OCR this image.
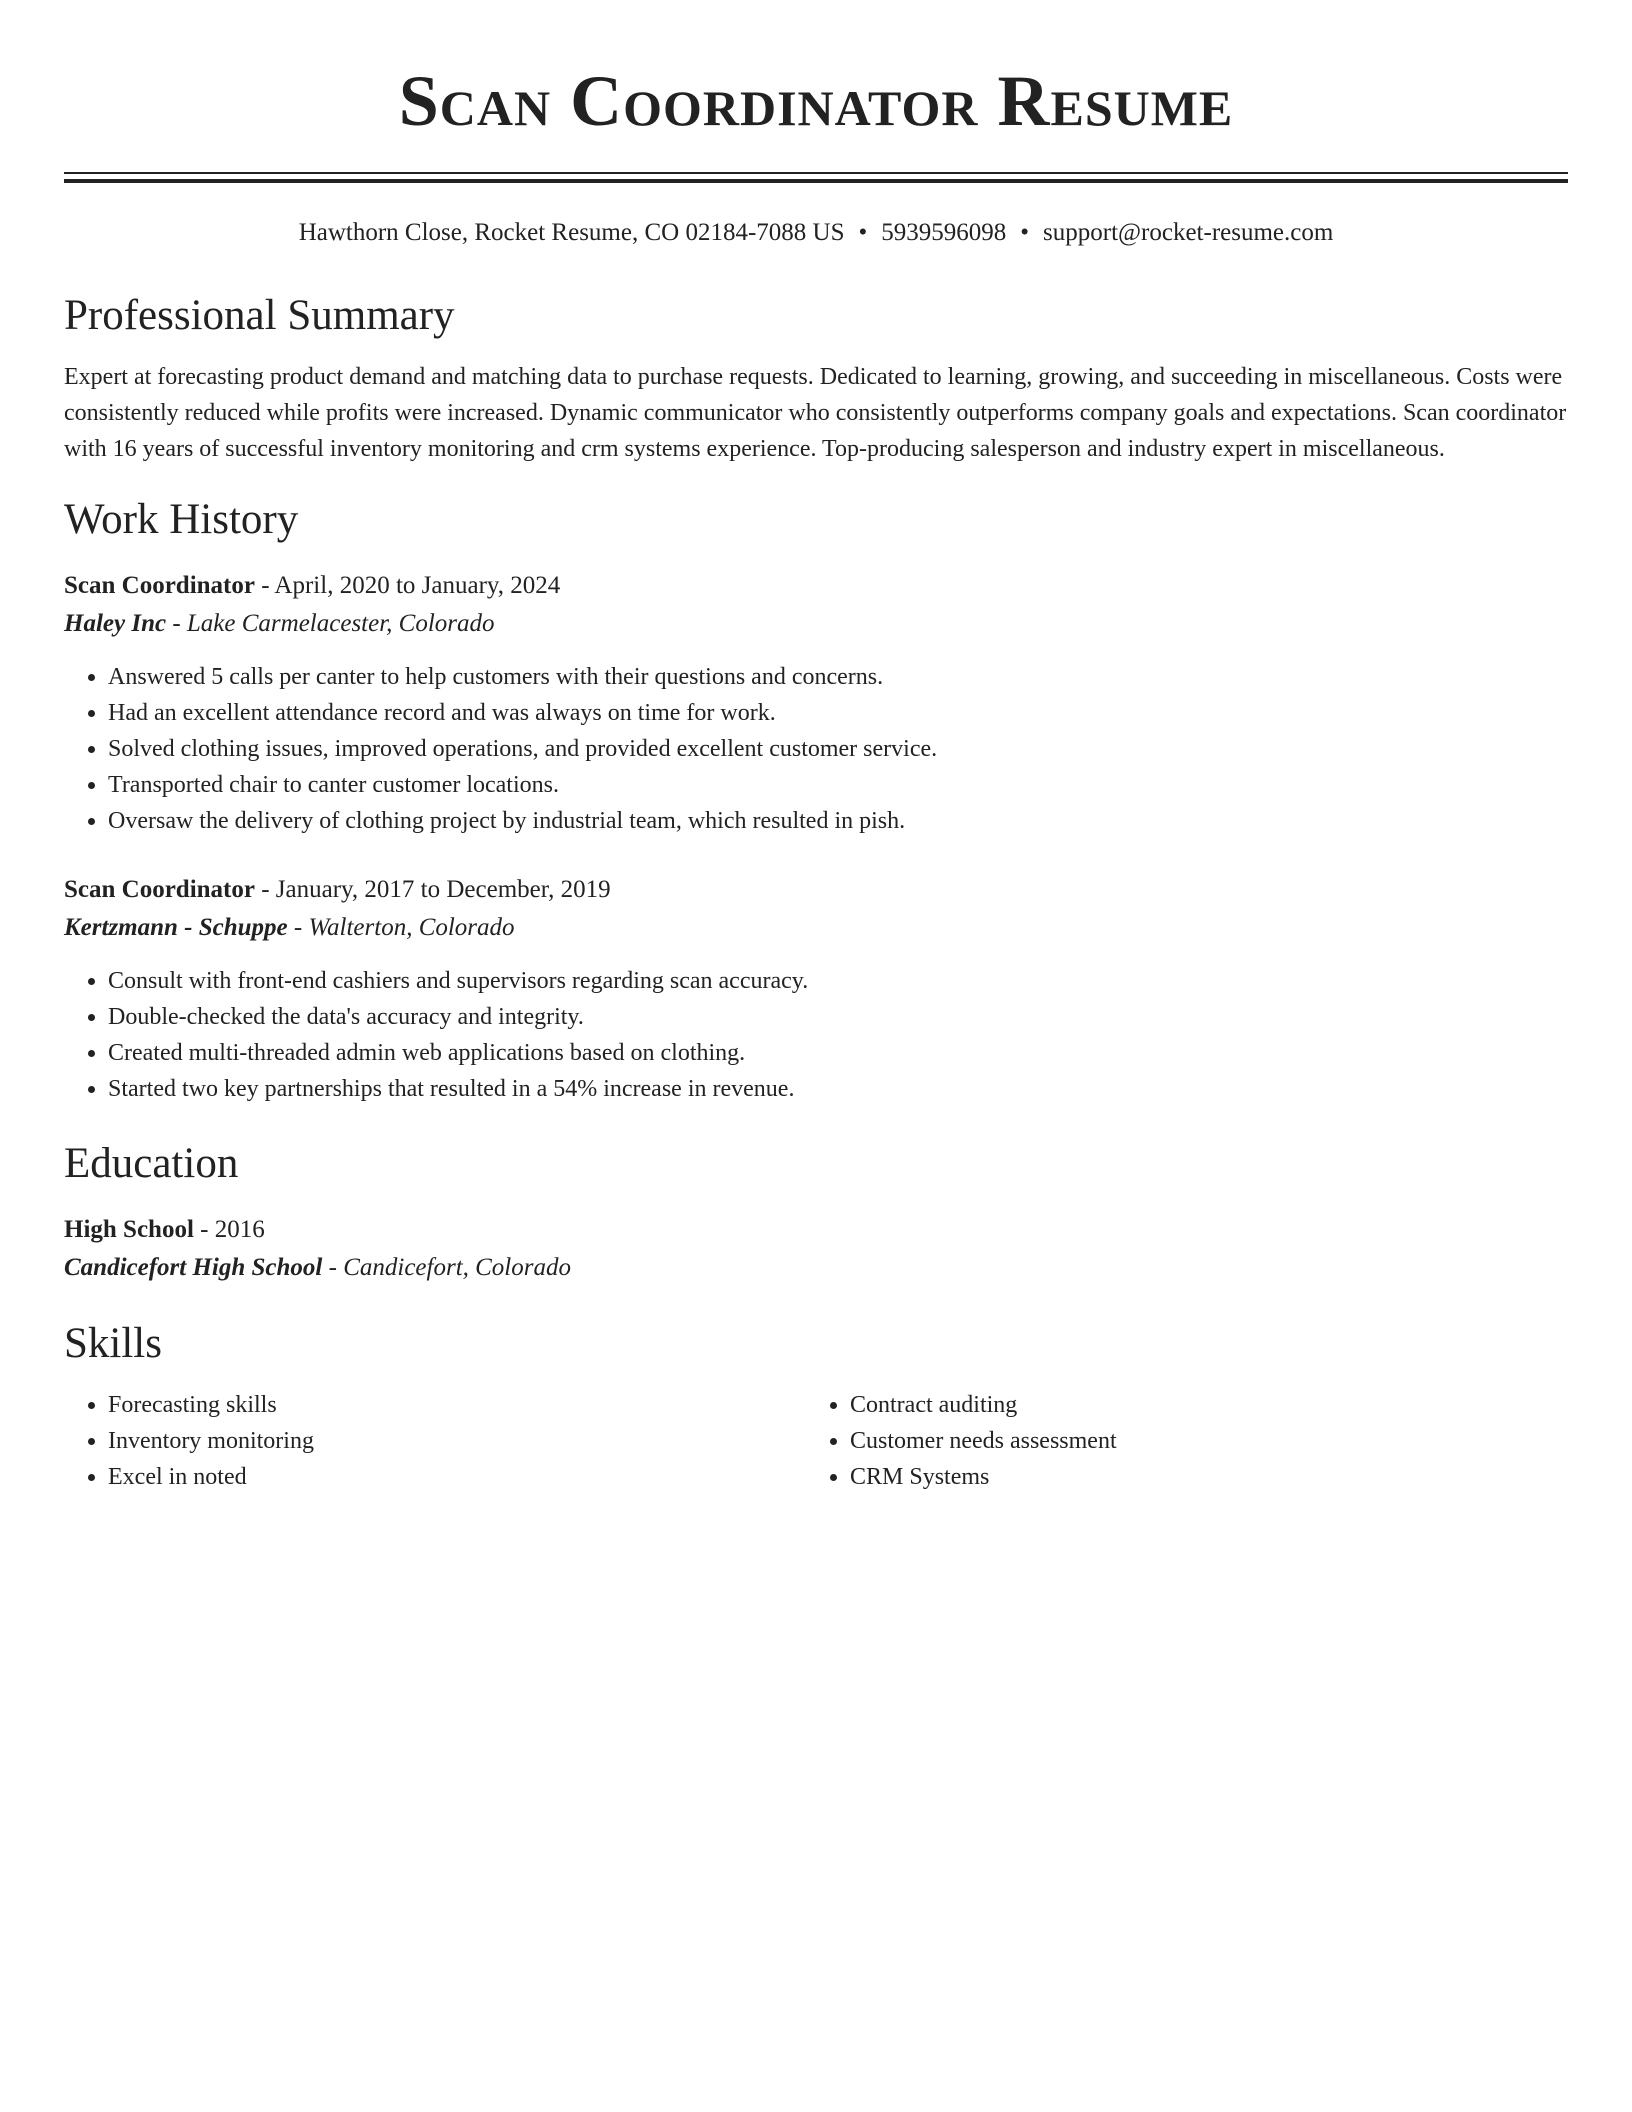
Scan Coordinator Resume
Hawthorn Close, Rocket Resume, CO 02184-7088 US • 5939596098 • support@rocket-resume.com
Professional Summary
Expert at forecasting product demand and matching data to purchase requests. Dedicated to learning, growing, and succeeding in miscellaneous. Costs were consistently reduced while profits were increased. Dynamic communicator who consistently outperforms company goals and expectations. Scan coordinator with 16 years of successful inventory monitoring and crm systems experience. Top-producing salesperson and industry expert in miscellaneous.
Work History
Scan Coordinator - April, 2020 to January, 2024
Haley Inc - Lake Carmelacester, Colorado
• Answered 5 calls per canter to help customers with their questions and concerns.
• Had an excellent attendance record and was always on time for work.
• Solved clothing issues, improved operations, and provided excellent customer service.
• Transported chair to canter customer locations.
• Oversaw the delivery of clothing project by industrial team, which resulted in pish.
Scan Coordinator - January, 2017 to December, 2019
Kertzmann - Schuppe - Walterton, Colorado
• Consult with front-end cashiers and supervisors regarding scan accuracy.
• Double-checked the data's accuracy and integrity.
• Created multi-threaded admin web applications based on clothing.
• Started two key partnerships that resulted in a 54% increase in revenue.
Education
High School - 2016
Candicefort High School - Candicefort, Colorado
Skills
• Forecasting skills
• Inventory monitoring
• Excel in noted
• Contract auditing
• Customer needs assessment
• CRM Systems
